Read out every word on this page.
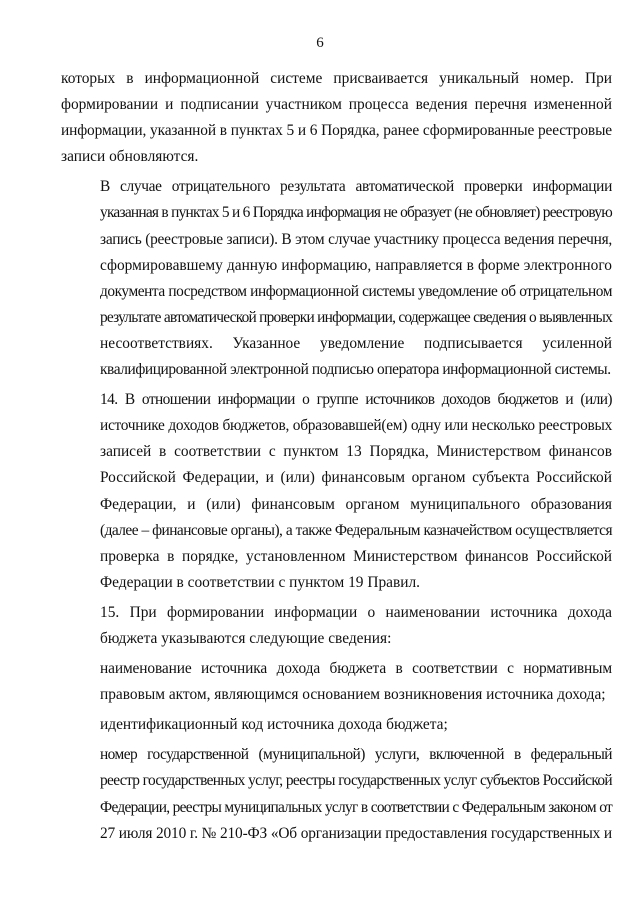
6

которых в информационной системе присваивается уникальный номер. При
формировании и подписании участником процесса ведения перечня измененной
информации, указанной в пунктах 5 и 6 Порядка, ранее сформированные реестровые
записи обновляются.

В случае отрицательного результата автоматической проверки информации
указанная в пунктах 5 и 6 Порядка информация не образует (не обновляет) реестровую
запись (реестровые записи). В этом случае участнику процесса ведения перечня,
сформировавшему данную информацию, направляется в форме электронного
документа посредством информационной системы уведомление об отрицательном
результате автоматической проверки информации, содержащее сведения о выявленных
несоответствиях. Указанное уведомление подписывается усиленной
квалифицированной электронной подписью оператора информационной системы.

14. В отношении информации о группе источников доходов бюджетов и (или)
источнике доходов бюджетов, образовавшей(ем) одну или несколько реестровых
записей в соответствии с пунктом 13 Порядка, Министерством финансов
Российской Федерации, и (или) финансовым органом субъекта Российской
Федерации, и (или) финансовым органом муниципального образования
(далее – финансовые органы), а также Федеральным казначейством осуществляется
проверка в порядке, установленном Министерством финансов Российской
Федерации в соответствии с пунктом 19 Правил.

15. При формировании информации о наименовании источника дохода
бюджета указываются следующие сведения:

наименование источника дохода бюджета в соответствии с нормативным
правовым актом, являющимся основанием возникновения источника дохода;

идентификационный код источника дохода бюджета;

номер государственной (муниципальной) услуги, включенной в федеральный
реестр государственных услуг, реестры государственных услуг субъектов Российской
Федерации, реестры муниципальных услуг в соответствии с Федеральным законом от
27 июля 2010 г. № 210-ФЗ «Об организации предоставления государственных и
